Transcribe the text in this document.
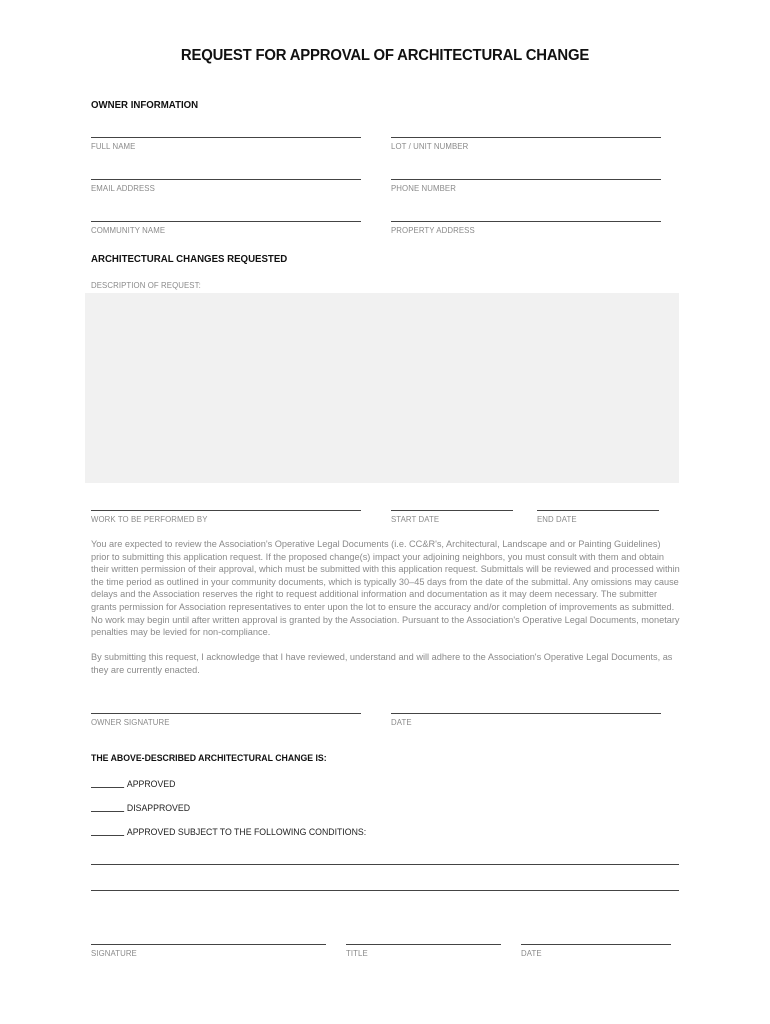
REQUEST FOR APPROVAL OF ARCHITECTURAL CHANGE
OWNER INFORMATION
FULL NAME	LOT / UNIT NUMBER
EMAIL ADDRESS	PHONE NUMBER
COMMUNITY NAME	PROPERTY ADDRESS
ARCHITECTURAL CHANGES REQUESTED
DESCRIPTION OF REQUEST:
WORK TO BE PERFORMED BY	START DATE	END DATE

You are expected to review the Association's Operative Legal Documents (i.e. CC&R's, Architectural, Landscape and or Painting Guidelines) prior to submitting this application request. If the proposed change(s) impact your adjoining neighbors, you must consult with them and obtain their written permission of their approval, which must be submitted with this application request. Submittals will be reviewed and processed within the time period as outlined in your community documents, which is typically 30–45 days from the date of the submittal. Any omissions may cause delays and the Association reserves the right to request additional information and documentation as it may deem necessary. The submitter grants permission for Association representatives to enter upon the lot to ensure the accuracy and/or completion of improvements as submitted. No work may begin until after written approval is granted by the Association. Pursuant to the Association's Operative Legal Documents, monetary penalties may be levied for non-compliance.

By submitting this request, I acknowledge that I have reviewed, understand and will adhere to the Association's Operative Legal Documents, as they are currently enacted.

OWNER SIGNATURE	DATE
THE ABOVE-DESCRIBED ARCHITECTURAL CHANGE IS:
APPROVED
DISAPPROVED
APPROVED SUBJECT TO THE FOLLOWING CONDITIONS:
SIGNATURE	TITLE	DATE
